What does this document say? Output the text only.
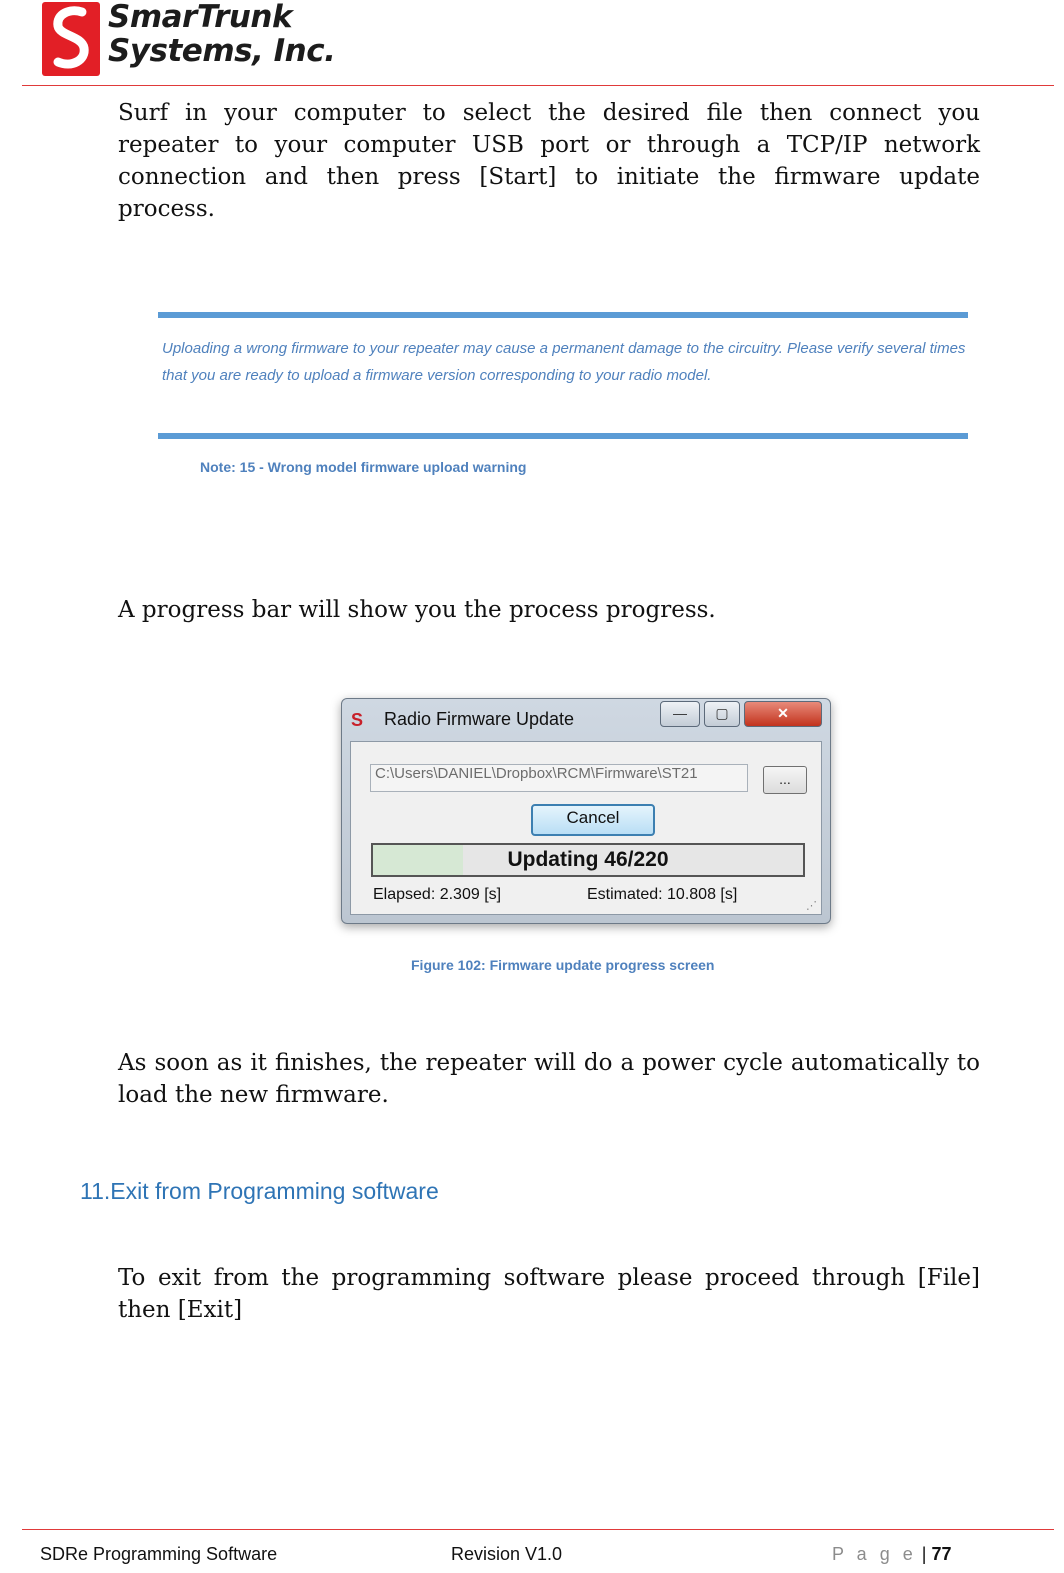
SmarTrunk
Systems, Inc.
Surf in your computer to select the desired file then connect you repeater to your computer USB port or through a TCP/IP network connection and then press [Start] to initiate the firmware update process.
Uploading a wrong firmware to your repeater may cause a permanent damage to the circuitry. Please verify several times that you are ready to upload a firmware version corresponding to your radio model.
Note: 15 - Wrong model firmware upload warning
A progress bar will show you the process progress.
S	Radio Firmware Update	—	▢	✕
C:\Users\DANIEL\Dropbox\RCM\Firmware\ST21	...
Cancel
Updating 46/220
Elapsed: 2.309 [s]	Estimated: 10.808 [s]
⋰
Figure 102: Firmware update progress screen
As soon as it finishes, the repeater will do a power cycle automatically to load the new firmware.
11.Exit from Programming software
To exit from the programming software please proceed through [File] then [Exit]
SDRe Programming Software	Revision V1.0	P a g e | 77
